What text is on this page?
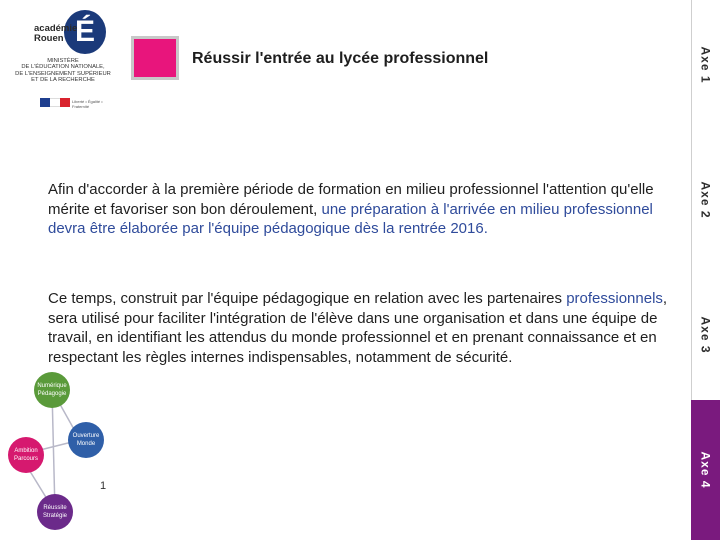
É
académie
Rouen
MINISTÈRE
DE L'ÉDUCATION NATIONALE,
DE L'ENSEIGNEMENT SUPÉRIEUR
ET DE LA RECHERCHE
Liberté • Égalité • Fraternité
Réussir l'entrée au lycée professionnel

Afin d'accorder à la première période de formation en milieu professionnel l'attention qu'elle mérite et favoriser son bon déroulement, une préparation à l'arrivée en milieu professionnel devra être élaborée par l'équipe pédagogique dès la rentrée 2016.

Ce temps, construit par l'équipe pédagogique en relation avec les partenaires professionnels, sera utilisé pour faciliter l'intégration de l'élève dans une organisation et dans une équipe de travail, en identifiant les attendus du monde professionnel et en prenant connaissance et en respectant les règles internes indispensables, notamment de sécurité.

Axe 1
Axe 2
Axe 3
Axe 4
Numérique
Pédagogie
Ouverture
Monde
Ambition
Parcours
Réussite
Stratégie
1
